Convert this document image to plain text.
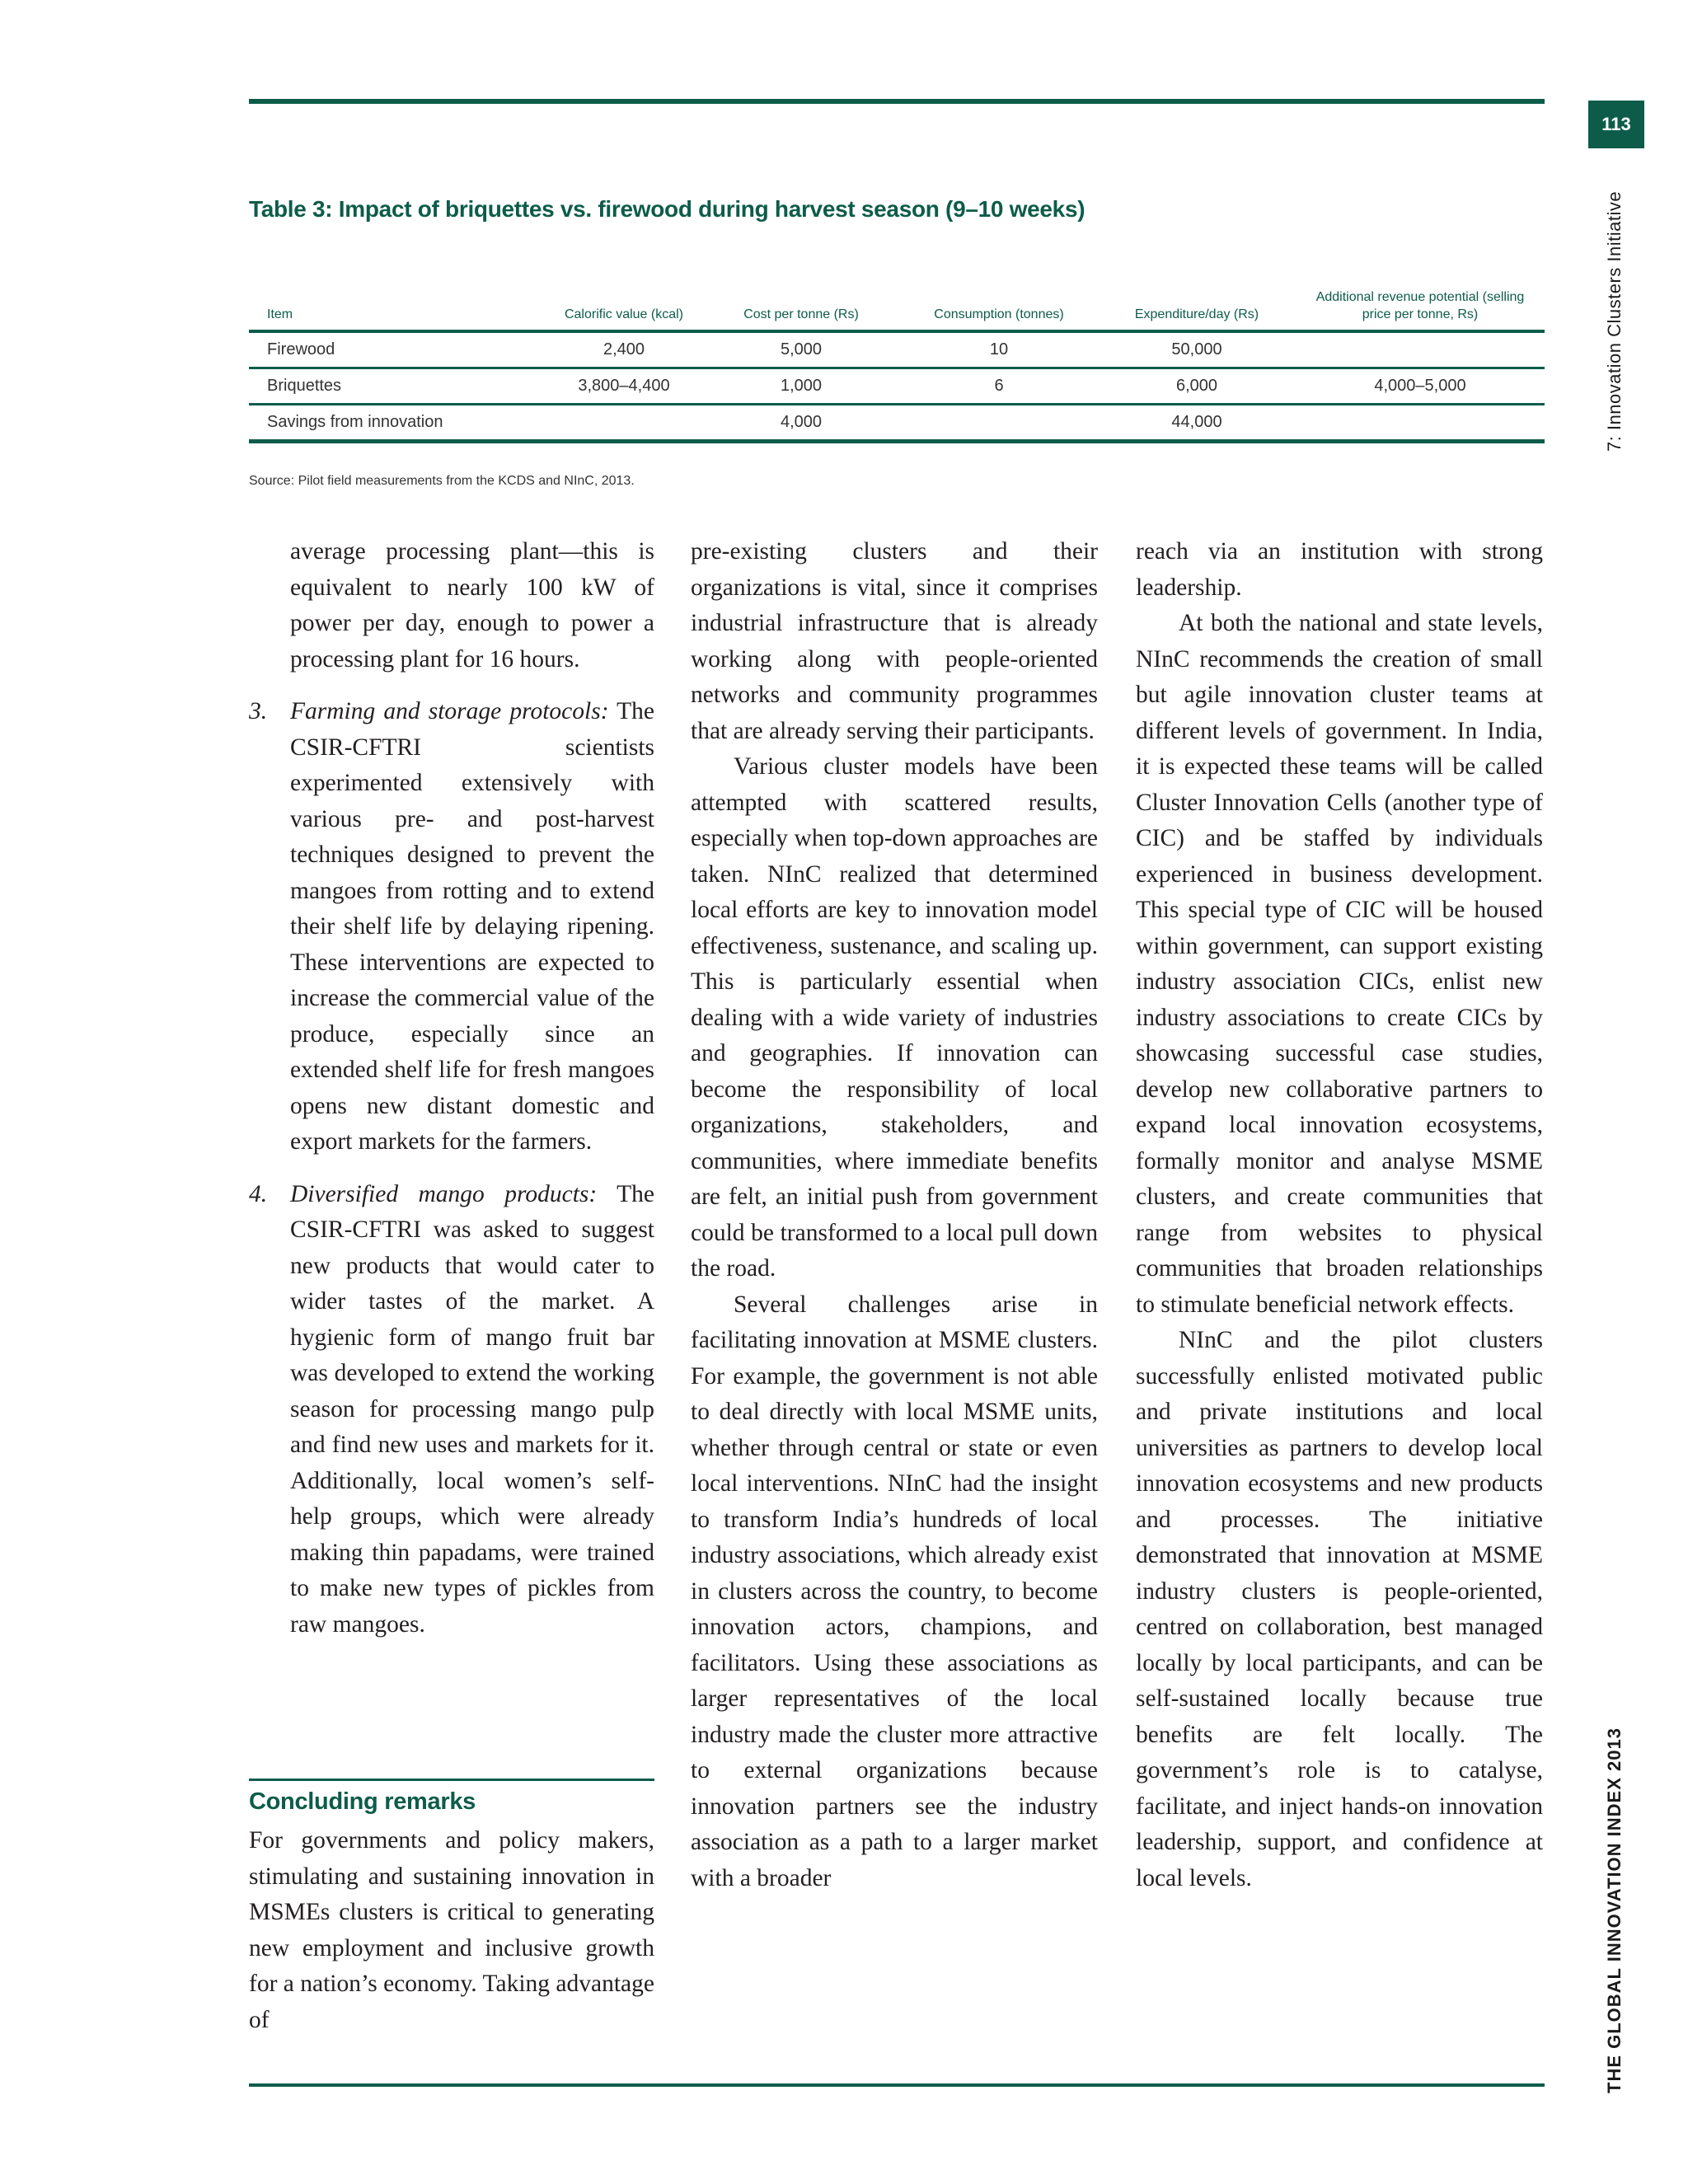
113
7: Innovation Clusters Initiative
THE GLOBAL INNOVATION INDEX 2013
Table 3: Impact of briquettes vs. firewood during harvest season (9–10 weeks)
Item	Calorific value (kcal)	Cost per tonne (Rs)	Consumption (tonnes)	Expenditure/day (Rs)	Additional revenue potential (selling price per tonne, Rs)
Firewood	2,400	5,000	10	50,000	
Briquettes	3,800–4,400	1,000	6	6,000	4,000–5,000
Savings from innovation		4,000		44,000	
Source: Pilot field measurements from the KCDS and NInC, 2013.

average processing plant—this is equivalent to nearly 100 kW of power per day, enough to power a processing plant for 16 hours.

3. Farming and storage protocols: The CSIR-CFTRI scientists experimented extensively with various pre- and post-harvest techniques designed to prevent the mangoes from rotting and to extend their shelf life by delaying ripening. These interventions are expected to increase the commercial value of the produce, especially since an extended shelf life for fresh mangoes opens new distant domestic and export markets for the farmers.

4. Diversified mango products: The CSIR-CFTRI was asked to suggest new products that would cater to wider tastes of the market. A hygienic form of mango fruit bar was developed to extend the working season for processing mango pulp and find new uses and markets for it. Additionally, local women’s self-help groups, which were already making thin papadams, were trained to make new types of pickles from raw mangoes.

Concluding remarks

For governments and policy makers, stimulating and sustaining innovation in MSMEs clusters is critical to generating new employment and inclusive growth for a nation’s economy. Taking advantage of

pre-existing clusters and their organizations is vital, since it comprises industrial infrastructure that is already working along with people-oriented networks and community programmes that are already serving their participants.

Various cluster models have been attempted with scattered results, especially when top-down approaches are taken. NInC realized that determined local efforts are key to innovation model effectiveness, sustenance, and scaling up. This is particularly essential when dealing with a wide variety of industries and geographies. If innovation can become the responsibility of local organizations, stakeholders, and communities, where immediate benefits are felt, an initial push from government could be transformed to a local pull down the road.

Several challenges arise in facilitating innovation at MSME clusters. For example, the government is not able to deal directly with local MSME units, whether through central or state or even local interventions. NInC had the insight to transform India’s hundreds of local industry associations, which already exist in clusters across the country, to become innovation actors, champions, and facilitators. Using these associations as larger representatives of the local industry made the cluster more attractive to external organizations because innovation partners see the industry association as a path to a larger market with a broader

reach via an institution with strong leadership.

At both the national and state levels, NInC recommends the creation of small but agile innovation cluster teams at different levels of government. In India, it is expected these teams will be called Cluster Innovation Cells (another type of CIC) and be staffed by individuals experienced in business development. This special type of CIC will be housed within government, can support existing industry association CICs, enlist new industry associations to create CICs by showcasing successful case studies, develop new collaborative partners to expand local innovation ecosystems, formally monitor and analyse MSME clusters, and create communities that range from websites to physical communities that broaden relationships to stimulate beneficial network effects.

NInC and the pilot clusters successfully enlisted motivated public and private institutions and local universities as partners to develop local innovation ecosystems and new products and processes. The initiative demonstrated that innovation at MSME industry clusters is people-oriented, centred on collaboration, best managed locally by local participants, and can be self-sustained locally because true benefits are felt locally. The government’s role is to catalyse, facilitate, and inject hands-on innovation leadership, support, and confidence at local levels.
